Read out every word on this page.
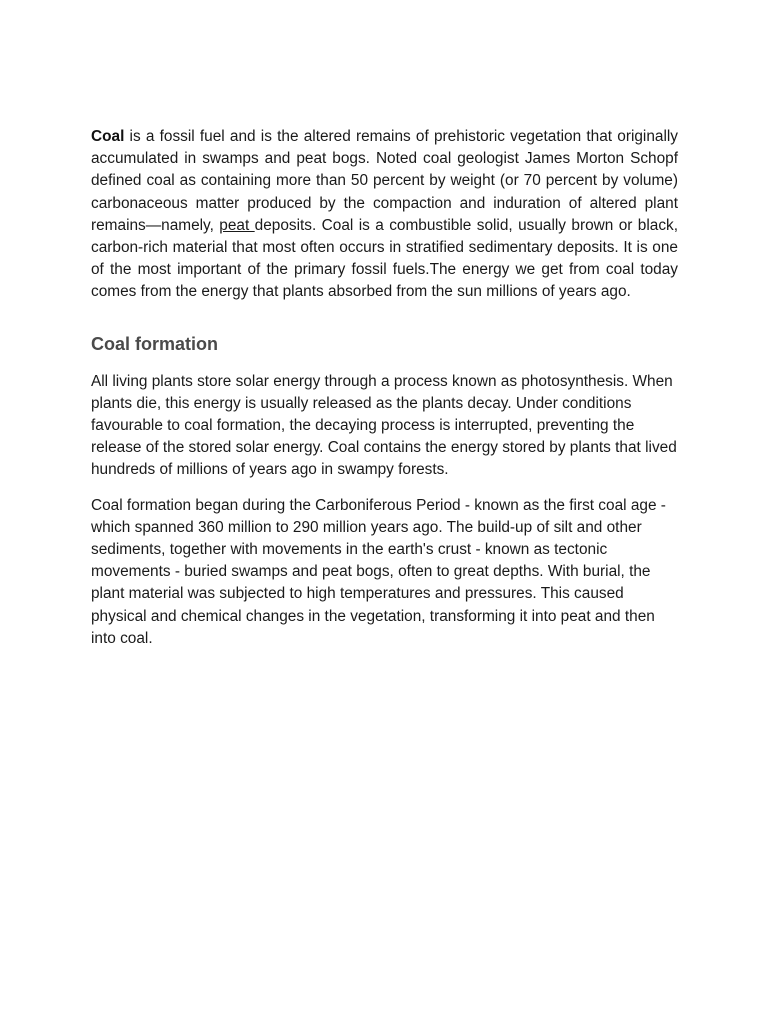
Coal is a fossil fuel and is the altered remains of prehistoric vegetation that originally accumulated in swamps and peat bogs. Noted coal geologist James Morton Schopf defined coal as containing more than 50 percent by weight (or 70 percent by volume) carbonaceous matter produced by the compaction and induration of altered plant remains—namely, peat deposits. Coal is a combustible solid, usually brown or black, carbon-rich material that most often occurs in stratified sedimentary deposits. It is one of the most important of the primary fossil fuels.The energy we get from coal today comes from the energy that plants absorbed from the sun millions of years ago.

Coal formation

All living plants store solar energy through a process known as photosynthesis. When plants die, this energy is usually released as the plants decay. Under conditions favourable to coal formation, the decaying process is interrupted, preventing the release of the stored solar energy. Coal contains the energy stored by plants that lived hundreds of millions of years ago in swampy forests.

Coal formation began during the Carboniferous Period - known as the first coal age - which spanned 360 million to 290 million years ago. The build-up of silt and other sediments, together with movements in the earth's crust - known as tectonic movements - buried swamps and peat bogs, often to great depths. With burial, the plant material was subjected to high temperatures and pressures. This caused physical and chemical changes in the vegetation, transforming it into peat and then into coal.
